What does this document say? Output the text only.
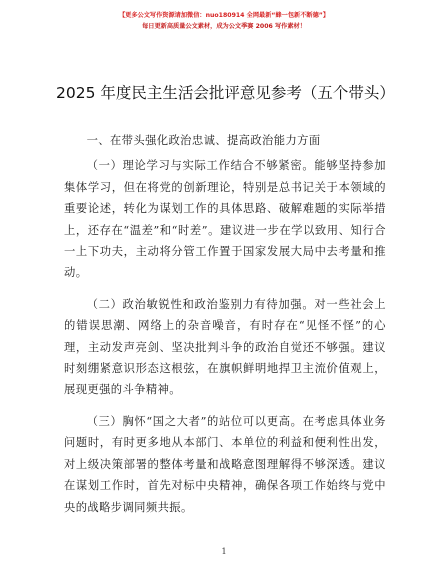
【更多公文写作资源请加微信：nuo180914 全网最新“蜂一包新不断德”】
每日更新高质量公文素材，成为公文季赛 2006 写作素材！
2025 年度民主生活会批评意见参考（五个带头）

一、在带头强化政治忠诚、提高政治能力方面

（一）理论学习与实际工作结合不够紧密。能够坚持参加集体学习，但在将党的创新理论，特别是总书记关于本领域的重要论述，转化为谋划工作的具体思路、破解难题的实际举措上，还存在“温差”和“时差”。建议进一步在学以致用、知行合一上下功夫，主动将分管工作置于国家发展大局中去考量和推动。

（二）政治敏锐性和政治鉴别力有待加强。对一些社会上的错误思潮、网络上的杂音噪音，有时存在“见怪不怪”的心理，主动发声亮剑、坚决批判斗争的政治自觉还不够强。建议时刻绷紧意识形态这根弦，在旗帜鲜明地捍卫主流价值观上，展现更强的斗争精神。

（三）胸怀“国之大者”的站位可以更高。在考虑具体业务问题时，有时更多地从本部门、本单位的利益和便利性出发，对上级决策部署的整体考量和战略意图理解得不够深透。建议在谋划工作时，首先对标中央精神，确保各项工作始终与党中央的战略步调同频共振。

1
